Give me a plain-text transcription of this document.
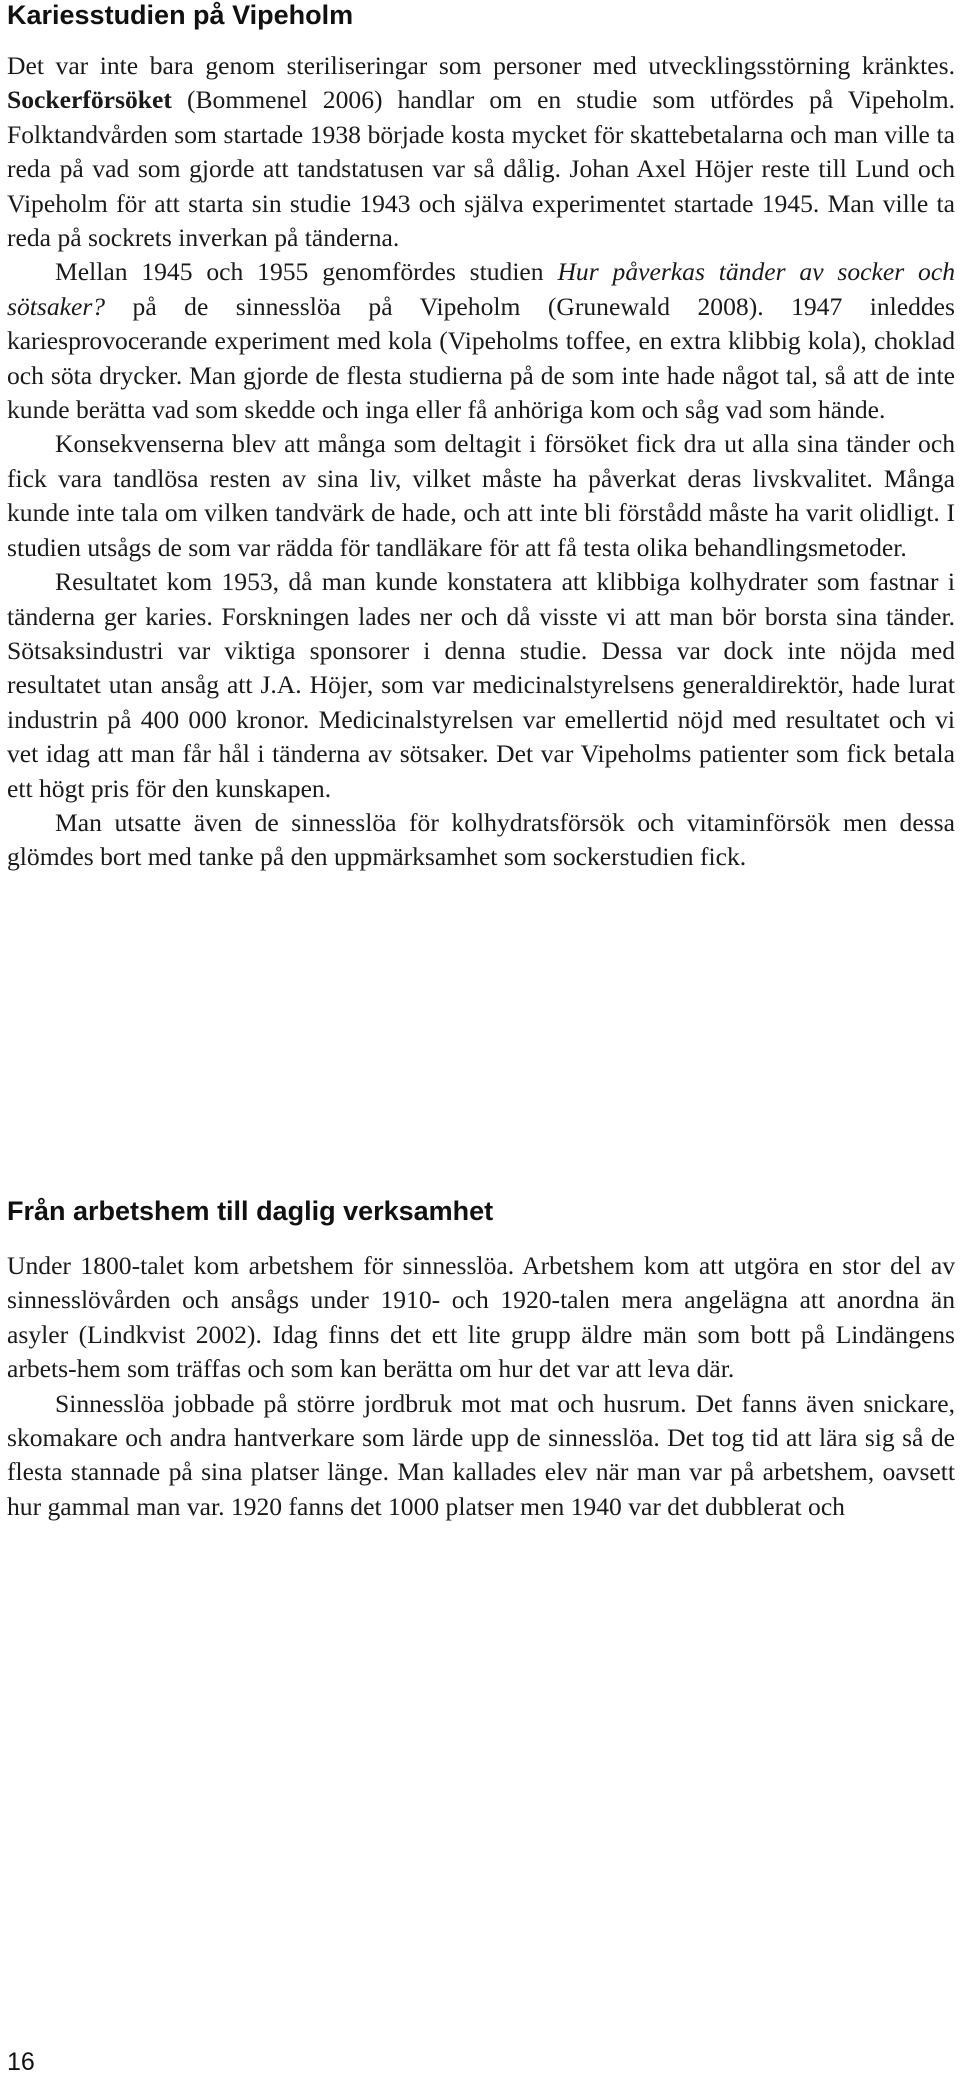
Kariesstudien på Vipeholm

Det var inte bara genom steriliseringar som personer med utvecklingsstörning kränktes. Sockerförsöket (Bommenel 2006) handlar om en studie som utfördes på Vipeholm. Folktandvården som startade 1938 började kosta mycket för skattebetalarna och man ville ta reda på vad som gjorde att tandstatusen var så dålig. Johan Axel Höjer reste till Lund och Vipeholm för att starta sin studie 1943 och själva experimentet startade 1945. Man ville ta reda på sockrets inverkan på tänderna.

Mellan 1945 och 1955 genomfördes studien Hur påverkas tänder av socker och sötsaker? på de sinnesslöa på Vipeholm (Grunewald 2008). 1947 inleddes kariesprovocerande experiment med kola (Vipeholms toffee, en extra klibbig kola), choklad och söta drycker. Man gjorde de flesta studierna på de som inte hade något tal, så att de inte kunde berätta vad som skedde och inga eller få anhöriga kom och såg vad som hände.

Konsekvenserna blev att många som deltagit i försöket fick dra ut alla sina tänder och fick vara tandlösa resten av sina liv, vilket måste ha påverkat deras livskvalitet. Många kunde inte tala om vilken tandvärk de hade, och att inte bli förstådd måste ha varit olidligt. I studien utsågs de som var rädda för tandläkare för att få testa olika behandlingsmetoder.

Resultatet kom 1953, då man kunde konstatera att klibbiga kolhydrater som fastnar i tänderna ger karies. Forskningen lades ner och då visste vi att man bör borsta sina tänder. Sötsaksindustri var viktiga sponsorer i denna studie. Dessa var dock inte nöjda med resultatet utan ansåg att J.A. Höjer, som var medicinalstyrelsens generaldirektör, hade lurat industrin på 400 000 kronor. Medicinalstyrelsen var emellertid nöjd med resultatet och vi vet idag att man får hål i tänderna av sötsaker. Det var Vipeholms patienter som fick betala ett högt pris för den kunskapen.

Man utsatte även de sinnesslöa för kolhydratsförsök och vitaminförsök men dessa glömdes bort med tanke på den uppmärksamhet som sockerstudien fick.

Från arbetshem till daglig verksamhet

Under 1800-talet kom arbetshem för sinnesslöa. Arbetshem kom att utgöra en stor del av sinnesslövården och ansågs under 1910- och 1920-talen mera angelägna att anordna än asyler (Lindkvist 2002). Idag finns det ett lite grupp äldre män som bott på Lindängens arbets-hem som träffas och som kan berätta om hur det var att leva där.

Sinnesslöa jobbade på större jordbruk mot mat och husrum. Det fanns även snickare, skomakare och andra hantverkare som lärde upp de sinnesslöa. Det tog tid att lära sig så de flesta stannade på sina platser länge. Man kallades elev när man var på arbetshem, oavsett hur gammal man var. 1920 fanns det 1000 platser men 1940 var det dubblerat och

16
